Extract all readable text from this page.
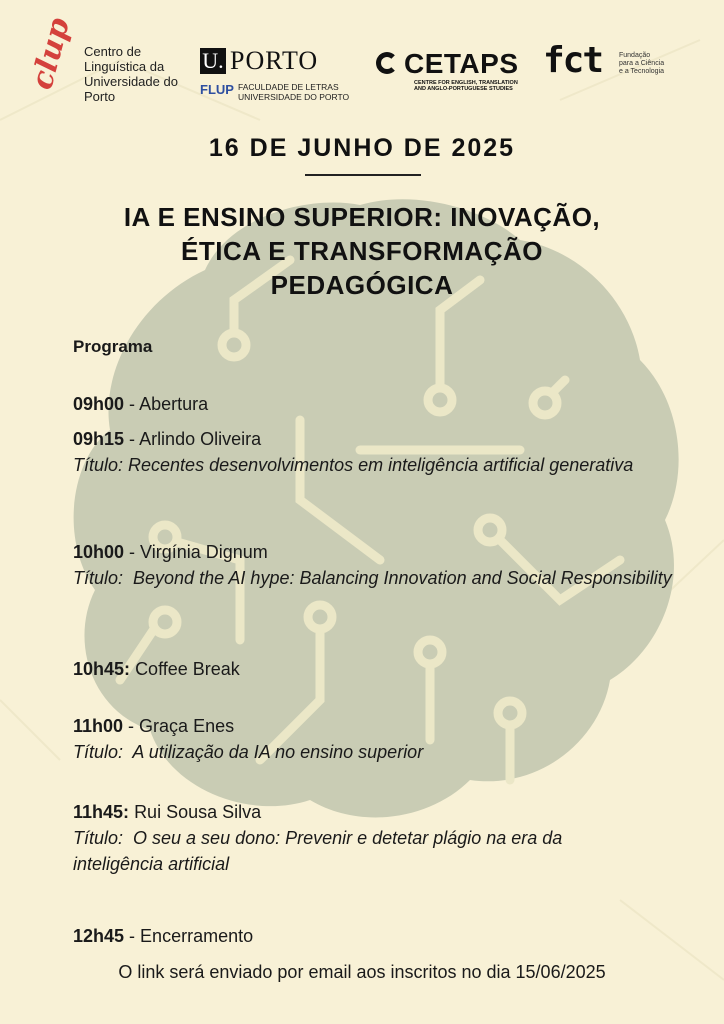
clup Centro de
Linguística da
Universidade do
Porto
U. PORTO
FLUP FACULDADE DE LETRAS
UNIVERSIDADE DO PORTO
CETAPS
CENTRE FOR ENGLISH, TRANSLATION
AND ANGLO-PORTUGUESE STUDIES
fct Fundação
para a Ciência
e a Tecnologia
16 DE JUNHO DE 2025
IA E ENSINO SUPERIOR: INOVAÇÃO,
ÉTICA E TRANSFORMAÇÃO
PEDAGÓGICA
Programa
09h00 - Abertura
09h15 - Arlindo Oliveira
Título: Recentes desenvolvimentos em inteligência artificial generativa
10h00 - Virgínia Dignum
Título:  Beyond the AI hype: Balancing Innovation and Social Responsibility
10h45: Coffee Break
11h00 - Graça Enes
Título:  A utilização da IA no ensino superior
11h45: Rui Sousa Silva
Título:  O seu a seu dono: Prevenir e detetar plágio na era da inteligência artificial
12h45 - Encerramento
O link será enviado por email aos inscritos no dia 15/06/2025
